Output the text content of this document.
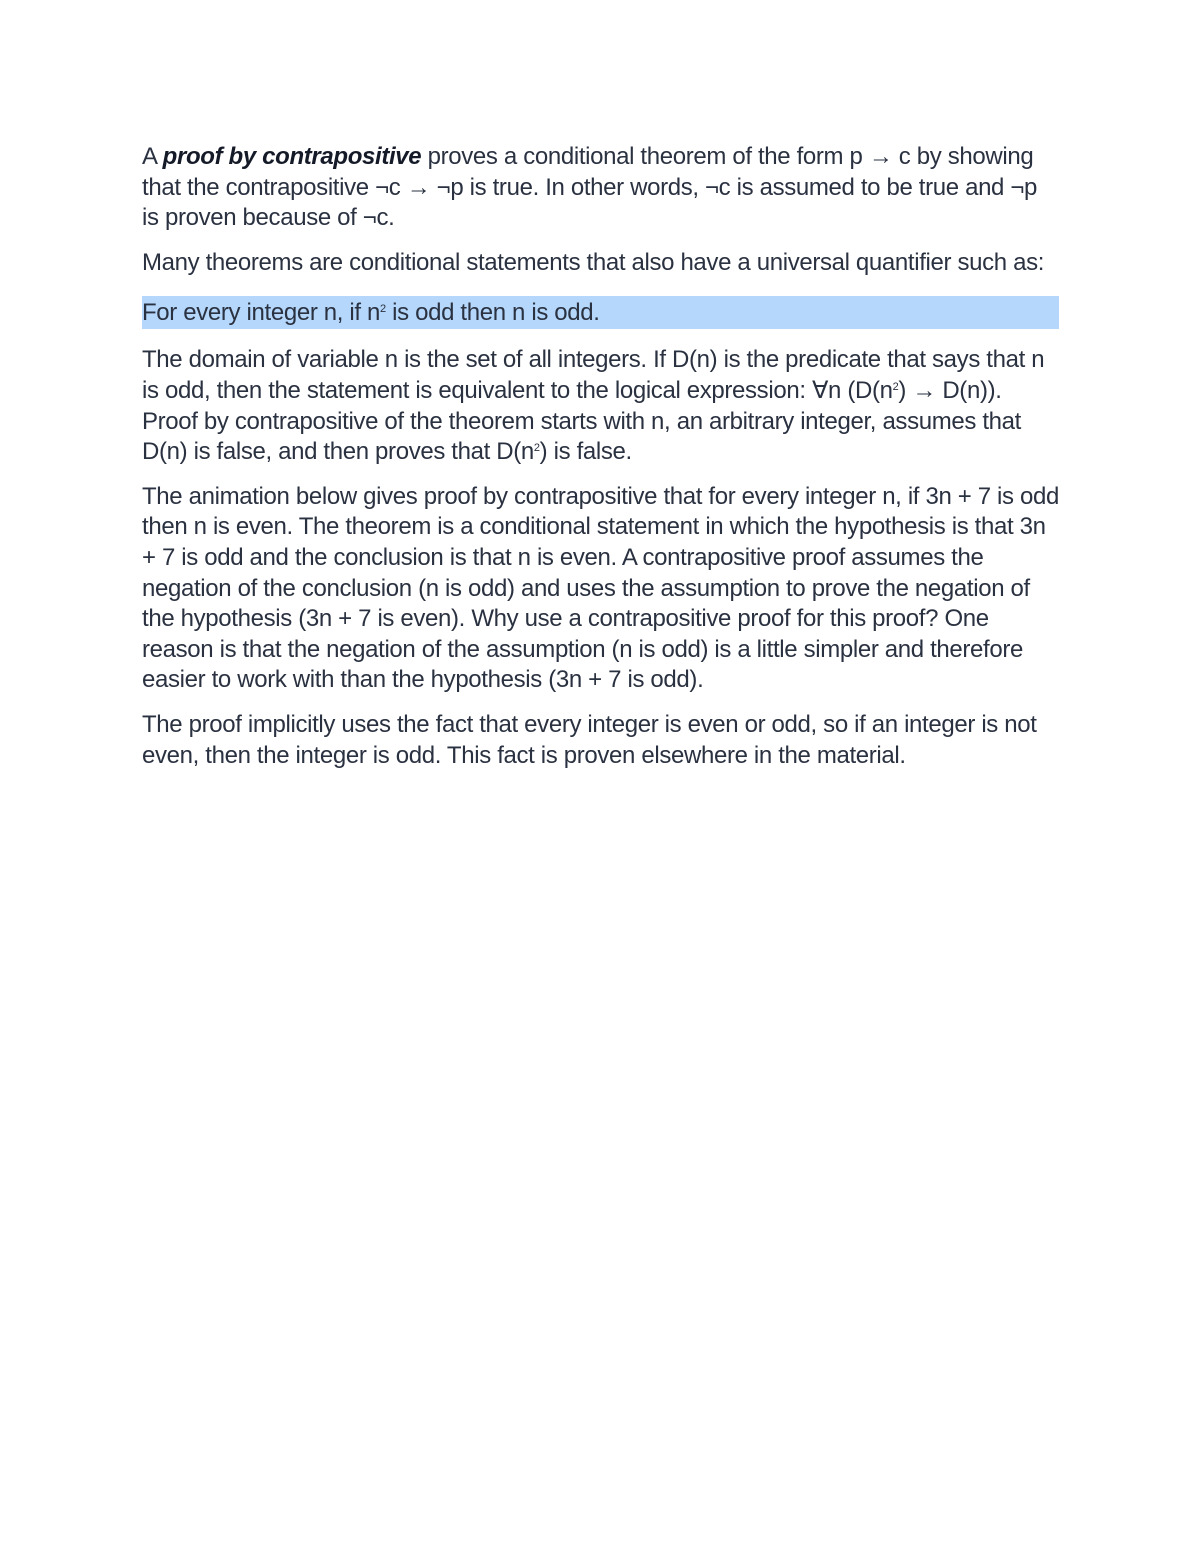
A proof by contrapositive proves a conditional theorem of the form p → c by showing that the contrapositive ¬c → ¬p is true. In other words, ¬c is assumed to be true and ¬p is proven because of ¬c.

Many theorems are conditional statements that also have a universal quantifier such as:

For every integer n, if $n^2$ is odd then n is odd.

The domain of variable n is the set of all integers. If D(n) is the predicate that says that n is odd, then the statement is equivalent to the logical expression: ∀n $(D(n^2) \to D(n))$. Proof by contrapositive of the theorem starts with n, an arbitrary integer, assumes that D(n) is false, and then proves that $D(n^2)$ is false.

The animation below gives proof by contrapositive that for every integer n, if 3n + 7 is odd then n is even. The theorem is a conditional statement in which the hypothesis is that 3n + 7 is odd and the conclusion is that n is even. A contrapositive proof assumes the negation of the conclusion (n is odd) and uses the assumption to prove the negation of the hypothesis (3n + 7 is even). Why use a contrapositive proof for this proof? One reason is that the negation of the assumption (n is odd) is a little simpler and therefore easier to work with than the hypothesis (3n + 7 is odd).

The proof implicitly uses the fact that every integer is even or odd, so if an integer is not even, then the integer is odd. This fact is proven elsewhere in the material.
